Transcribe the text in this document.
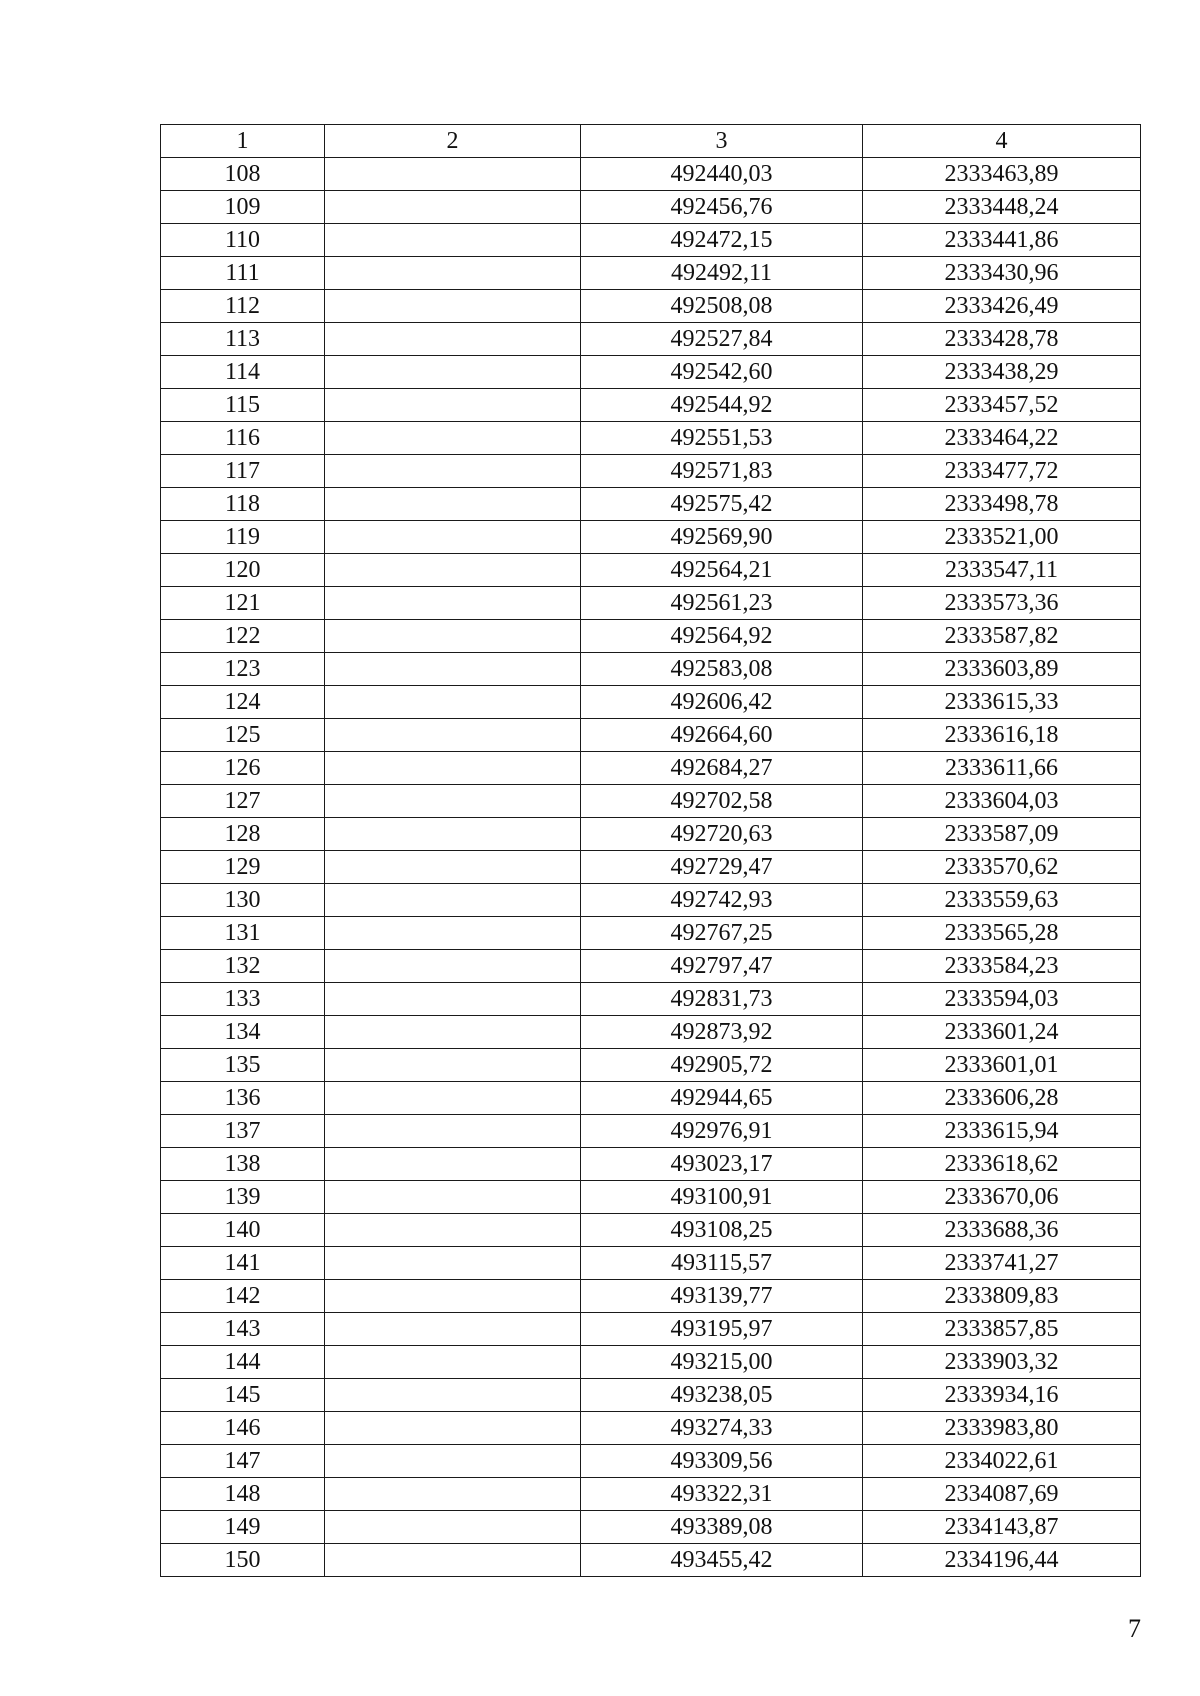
1	2	3	4
108		492440,03	2333463,89
109		492456,76	2333448,24
110		492472,15	2333441,86
111		492492,11	2333430,96
112		492508,08	2333426,49
113		492527,84	2333428,78
114		492542,60	2333438,29
115		492544,92	2333457,52
116		492551,53	2333464,22
117		492571,83	2333477,72
118		492575,42	2333498,78
119		492569,90	2333521,00
120		492564,21	2333547,11
121		492561,23	2333573,36
122		492564,92	2333587,82
123		492583,08	2333603,89
124		492606,42	2333615,33
125		492664,60	2333616,18
126		492684,27	2333611,66
127		492702,58	2333604,03
128		492720,63	2333587,09
129		492729,47	2333570,62
130		492742,93	2333559,63
131		492767,25	2333565,28
132		492797,47	2333584,23
133		492831,73	2333594,03
134		492873,92	2333601,24
135		492905,72	2333601,01
136		492944,65	2333606,28
137		492976,91	2333615,94
138		493023,17	2333618,62
139		493100,91	2333670,06
140		493108,25	2333688,36
141		493115,57	2333741,27
142		493139,77	2333809,83
143		493195,97	2333857,85
144		493215,00	2333903,32
145		493238,05	2333934,16
146		493274,33	2333983,80
147		493309,56	2334022,61
148		493322,31	2334087,69
149		493389,08	2334143,87
150		493455,42	2334196,44
7
